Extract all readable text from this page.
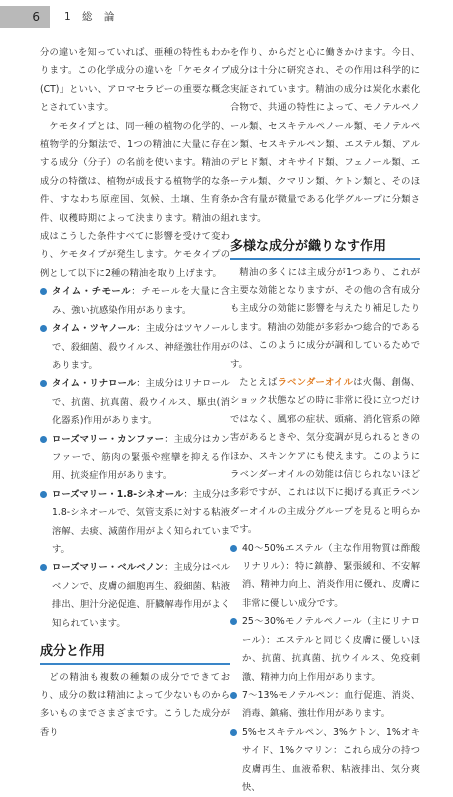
6	1 総 論

分の違いを知っていれば、亜種の特性もわかります。この化学成分の違いを「ケモタイプ (CT)」といい、アロマセラピーの重要な概念とされています。

ケモタイプとは、同一種の植物の化学的、植物学的分類法で、1つの精油に大量に存在する成分（分子）の名前を使います。精油の成分の特徴は、植物が成長する植物学的な条件、すなわち原産国、気候、土壌、生育条件、収穫時期によって決まります。精油の組成はこうした条件すべてに影響を受けて変わり、ケモタイプが発生します。ケモタイプの例として以下に2種の精油を取り上げます。

タイム・チモール：チモールを大量に含み、強い抗感染作用があります。

タイム・ツヤノール：主成分はツヤノールで、殺細菌、殺ウイルス、神経強壮作用があります。

タイム・リナロール：主成分はリナロールで、抗菌、抗真菌、殺ウイルス、駆虫(消化器系)作用があります。

ローズマリー・カンファー：主成分はカンファーで、筋肉の緊張や痙攣を抑える作用、抗炎症作用があります。

ローズマリー・1.8-シネオール：主成分は1.8-シネオールで、気管支系に対する粘液溶解、去痰、減菌作用がよく知られています。

ローズマリー・ベルベノン：主成分はベルベノンで、皮膚の細胞再生、殺細菌、粘液排出、胆汁分泌促進、肝臓解毒作用がよく知られています。

成分と作用

どの精油も複数の種類の成分でできており、成分の数は精油によって少ないものから多いものまでさまざまです。こうした成分が香り

を作り、からだと心に働きかけます。今日、成分は十分に研究され、その作用は科学的に実証されています。精油の成分は炭化水素化合物で、共通の特性によって、モノテルペノール類、セスキテルペノール類、モノテルペン類、セスキテルペン類、エステル類、アルデヒド類、オキサイド類、フェノール類、エーテル類、クマリン類、ケトン類と、そのほか含有量が微量である化学グループに分類されます。

多様な成分が織りなす作用

精油の多くには主成分が1つあり、これが主要な効能となりますが、その他の含有成分も主成分の効能に影響を与えたり補足したりします。精油の効能が多彩かつ総合的であるのは、このように成分が調和しているためです。

たとえばラベンダーオイルは火傷、創傷、ショック状態などの時に非常に役に立つだけではなく、風邪の症状、頭痛、消化管系の障害があるときや、気分変調が見られるときのほか、スキンケアにも使えます。このようにラベンダーオイルの効能は信じられないほど多彩ですが、これは以下に掲げる真正ラベンダーオイルの主成分グループを見ると明らかです。

40〜50%エステル（主な作用物質は酢酸リナリル）：特に鎮静、緊張緩和、不安解消、精神力向上、消炎作用に優れ、皮膚に非常に優しい成分です。

25〜30%モノテルペノール（主にリナロール）：エステルと同じく皮膚に優しいほか、抗菌、抗真菌、抗ウイルス、免疫刺激、精神力向上作用があります。

7〜13%モノテルペン：血行促進、消炎、消毒、鎮痛、強壮作用があります。

5%セスキテルペン、3%ケトン、1%オキサイド、1%クマリン：これら成分の持つ皮膚再生、血液希釈、粘液排出、気分爽快、
